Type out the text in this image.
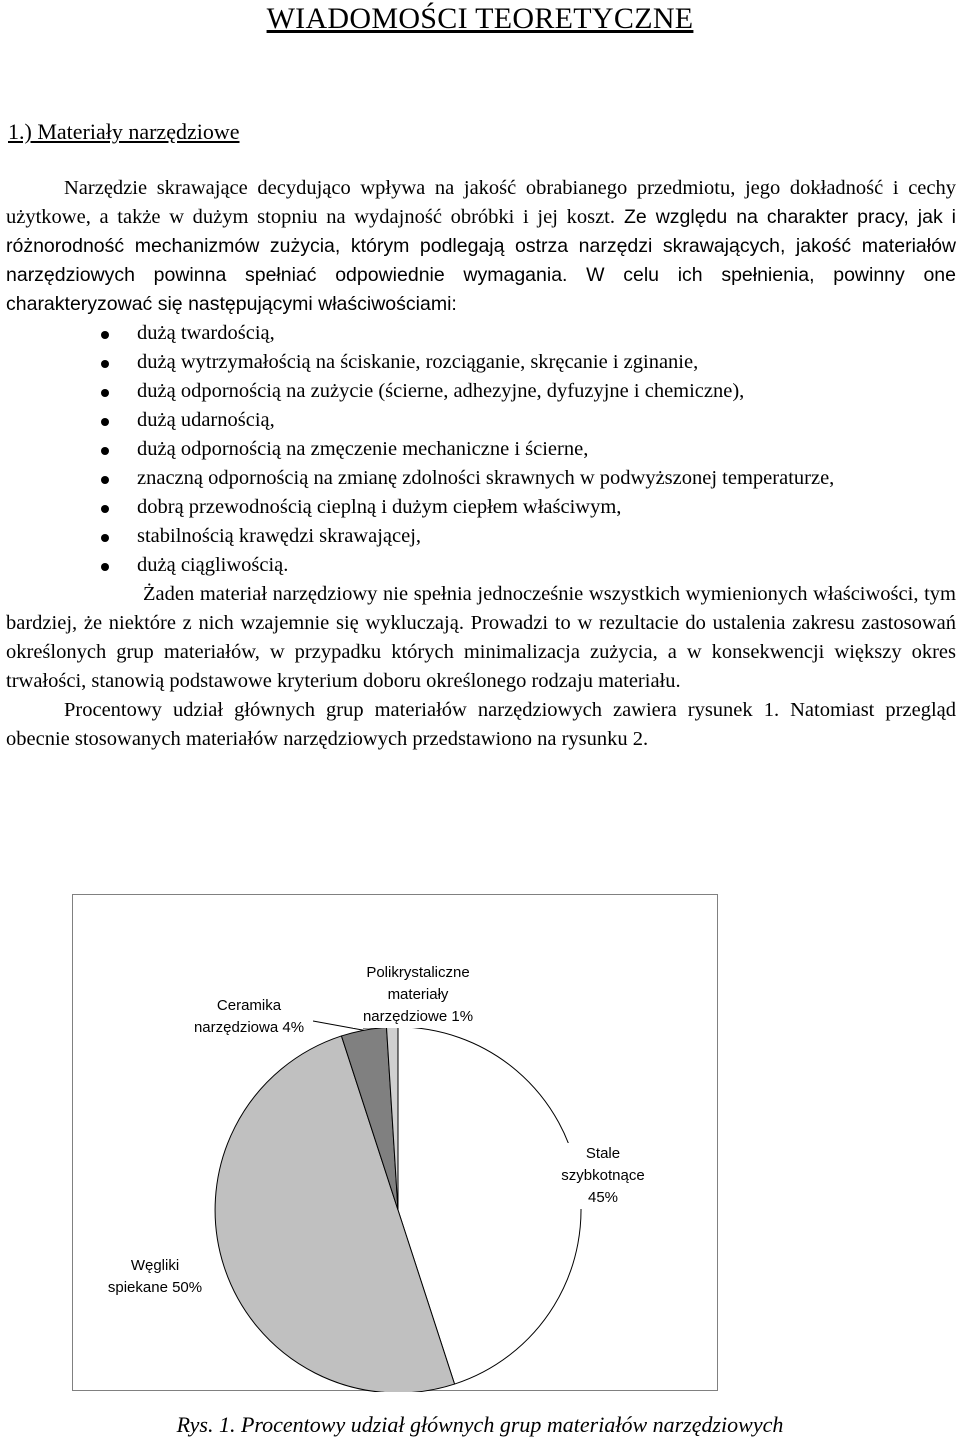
WIADOMOŚCI TEORETYCZNE
1.) Materiały narzędziowe

Narzędzie skrawające decydująco wpływa na jakość obrabianego przedmiotu, jego dokładność i cechy użytkowe, a także w dużym stopniu na wydajność obróbki i jej koszt. Ze względu na charakter pracy, jak i różnorodność mechanizmów zużycia, którym podlegają ostrza narzędzi skrawających, jakość materiałów narzędziowych powinna spełniać odpowiednie wymagania. W celu ich spełnienia, powinny one charakteryzować się następującymi właściwościami:

dużą twardością,
dużą wytrzymałością na ściskanie, rozciąganie, skręcanie i zginanie,
dużą odpornością na zużycie (ścierne, adhezyjne, dyfuzyjne i chemiczne),
dużą udarnością,
dużą odpornością na zmęczenie mechaniczne i ścierne,
znaczną odpornością na zmianę zdolności skrawnych w podwyższonej temperaturze,
dobrą przewodnością cieplną i dużym ciepłem właściwym,
stabilnością krawędzi skrawającej,
dużą ciągliwością.

Żaden materiał narzędziowy nie spełnia jednocześnie wszystkich wymienionych właściwości, tym bardziej, że niektóre z nich wzajemnie się wykluczają. Prowadzi to w rezultacie do ustalenia zakresu zastosowań określonych grup materiałów, w przypadku których minimalizacja zużycia, a w konsekwencji większy okres trwałości, stanowią podstawowe kryterium doboru określonego rodzaju materiału.

Procentowy udział głównych grup materiałów narzędziowych zawiera rysunek 1. Natomiast przegląd obecnie stosowanych materiałów narzędziowych przedstawiono na rysunku 2.

Stale
szybkotnące
45%
Węgliki
spiekane 50%
Ceramika
narzędziowa 4%
Polikrystaliczne
materiały
narzędziowe 1%
Rys. 1. Procentowy udział głównych grup materiałów narzędziowych
